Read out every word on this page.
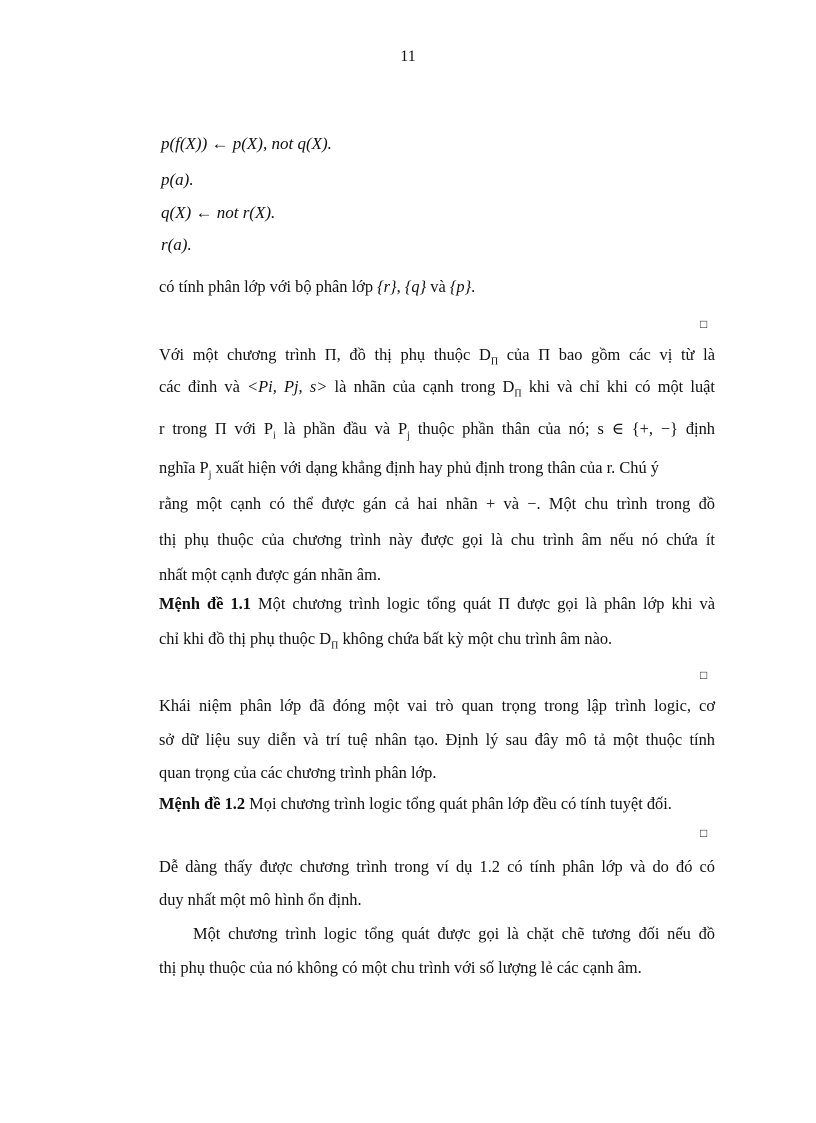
11
p(f(X)) ← p(X), not q(X).
p(a).
q(X) ← not r(X).
r(a).

có tính phân lớp với bộ phân lớp {r}, {q} và {p}.

□

Với một chương trình Π, đồ thị phụ thuộc $D_\Pi$ của Π bao gồm các vị từ là

các đỉnh và <Pi, Pj, s> là nhãn của cạnh trong $D_\Pi$ khi và chỉ khi có một luật

r trong Π với $P_i$ là phần đầu và $P_j$ thuộc phần thân của nó; s ∈ {+, −} định

nghĩa $P_j$ xuất hiện với dạng khẳng định hay phủ định trong thân của r. Chú ý

rằng một cạnh có thể được gán cả hai nhãn + và −. Một chu trình trong đồ

thị phụ thuộc của chương trình này được gọi là chu trình âm nếu nó chứa ít

nhất một cạnh được gán nhãn âm.

Mệnh đề 1.1 Một chương trình logic tổng quát Π được gọi là phân lớp khi và

chỉ khi đồ thị phụ thuộc $D_\Pi$ không chứa bất kỳ một chu trình âm nào.

□

Khái niệm phân lớp đã đóng một vai trò quan trọng trong lập trình logic, cơ

sở dữ liệu suy diễn và trí tuệ nhân tạo. Định lý sau đây mô tả một thuộc tính

quan trọng của các chương trình phân lớp.

Mệnh đề 1.2 Mọi chương trình logic tổng quát phân lớp đều có tính tuyệt đối.

□

Dễ dàng thấy được chương trình trong ví dụ 1.2 có tính phân lớp và do đó có

duy nhất một mô hình ổn định.

Một chương trình logic tổng quát được gọi là chặt chẽ tương đối nếu đồ

thị phụ thuộc của nó không có một chu trình với số lượng lẻ các cạnh âm.
